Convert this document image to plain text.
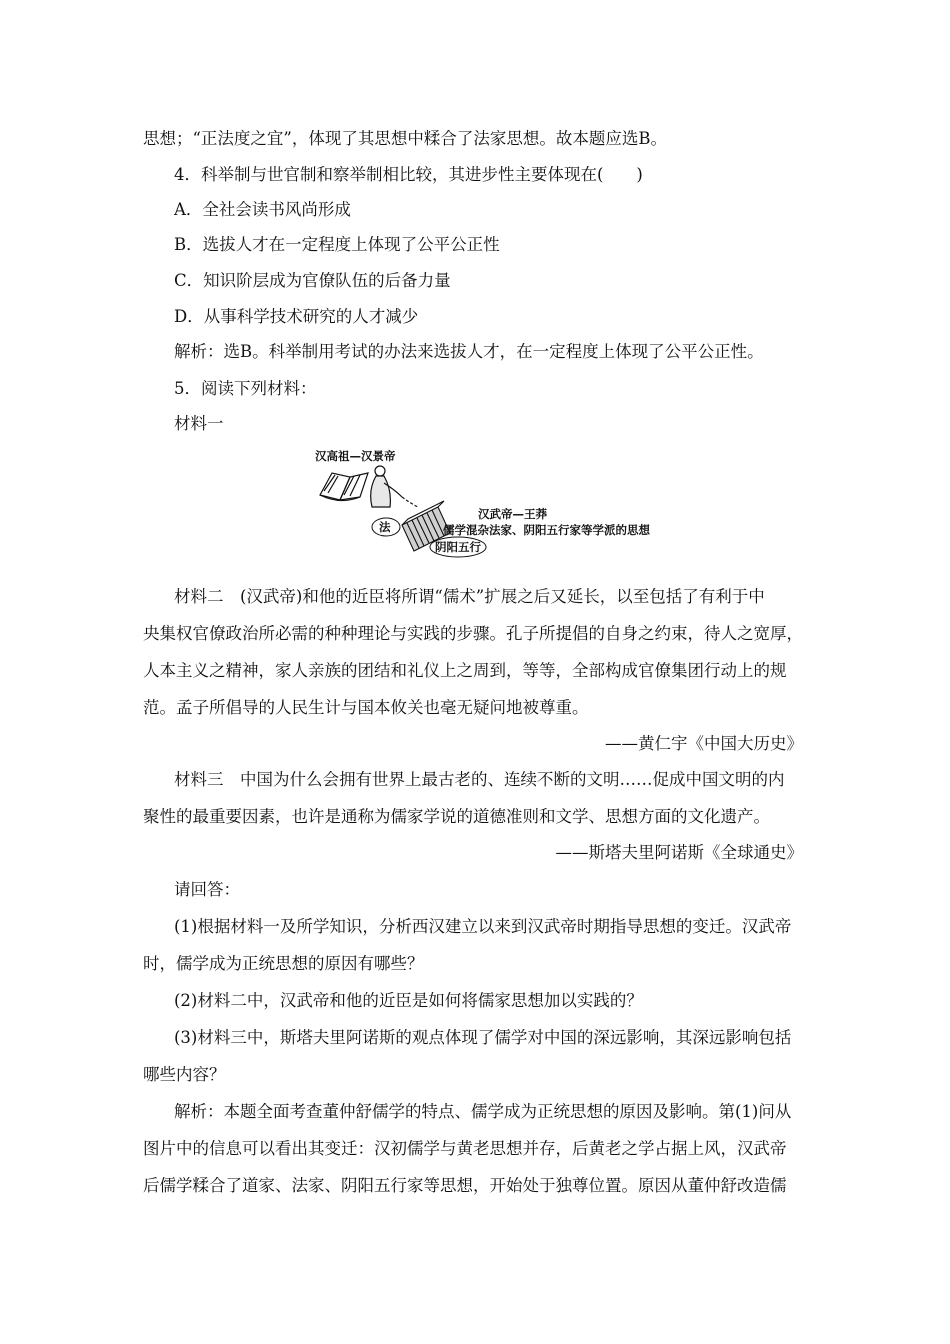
思想；“正法度之宜”，体现了其思想中糅合了法家思想。故本题应选B。
4．科举制与世官制和察举制相比较，其进步性主要体现在(　　)
A．全社会读书风尚形成
B．选拔人才在一定程度上体现了公平公正性
C．知识阶层成为官僚队伍的后备力量
D．从事科学技术研究的人才减少
解析：选B。科举制用考试的办法来选拔人才，在一定程度上体现了公平公正性。
5．阅读下列材料：
材料一
汉高祖—汉景帝
法
阴阳五行
汉武帝—王莽
儒学混杂法家、阴阳五行家等学派的思想
材料二　(汉武帝)和他的近臣将所谓“儒术”扩展之后又延长，以至包括了有利于中
央集权官僚政治所必需的种种理论与实践的步骤。孔子所提倡的自身之约束，待人之宽厚，
人本主义之精神，家人亲族的团结和礼仪上之周到，等等，全部构成官僚集团行动上的规
范。孟子所倡导的人民生计与国本攸关也毫无疑问地被尊重。
——黄仁宇《中国大历史》
材料三　中国为什么会拥有世界上最古老的、连续不断的文明……促成中国文明的内
聚性的最重要因素，也许是通称为儒家学说的道德准则和文学、思想方面的文化遗产。
——斯塔夫里阿诺斯《全球通史》
请回答：
(1)根据材料一及所学知识，分析西汉建立以来到汉武帝时期指导思想的变迁。汉武帝
时，儒学成为正统思想的原因有哪些？
(2)材料二中，汉武帝和他的近臣是如何将儒家思想加以实践的？
(3)材料三中，斯塔夫里阿诺斯的观点体现了儒学对中国的深远影响，其深远影响包括
哪些内容？
解析：本题全面考查董仲舒儒学的特点、儒学成为正统思想的原因及影响。第(1)问从
图片中的信息可以看出其变迁：汉初儒学与黄老思想并存，后黄老之学占据上风，汉武帝
后儒学糅合了道家、法家、阴阳五行家等思想，开始处于独尊位置。原因从董仲舒改造儒
